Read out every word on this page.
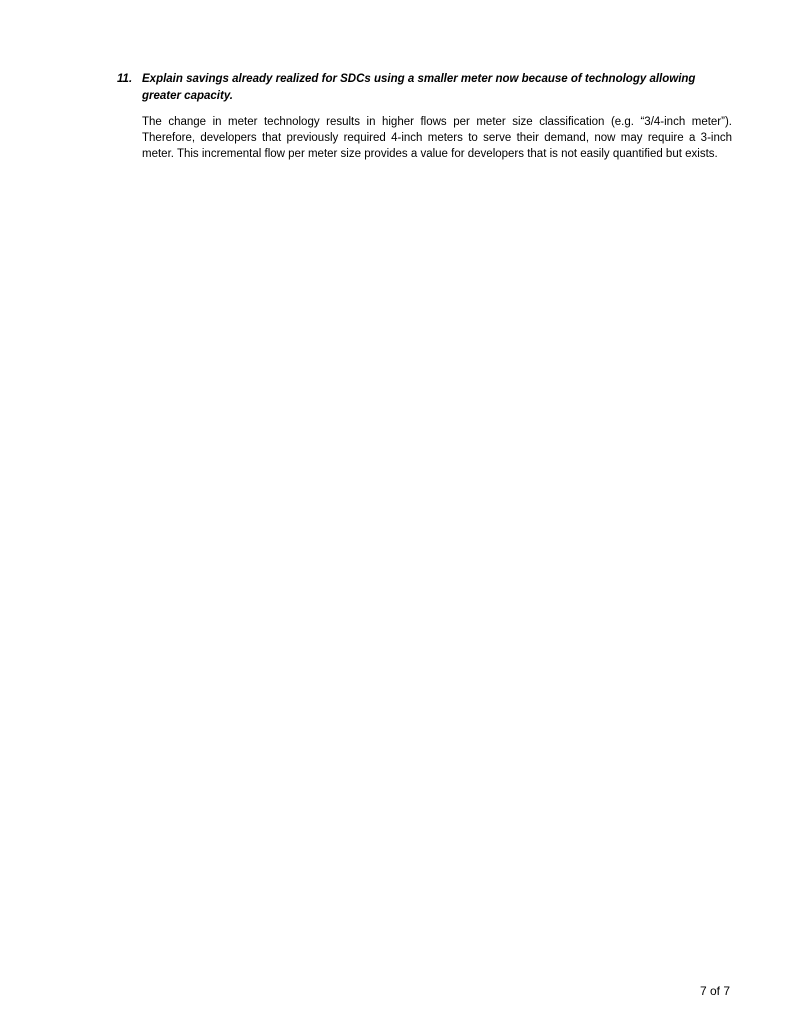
11. Explain savings already realized for SDCs using a smaller meter now because of technology allowing greater capacity.

The change in meter technology results in higher flows per meter size classification (e.g. “3/4-inch meter”). Therefore, developers that previously required 4-inch meters to serve their demand, now may require a 3-inch meter. This incremental flow per meter size provides a value for developers that is not easily quantified but exists.

7 of 7
